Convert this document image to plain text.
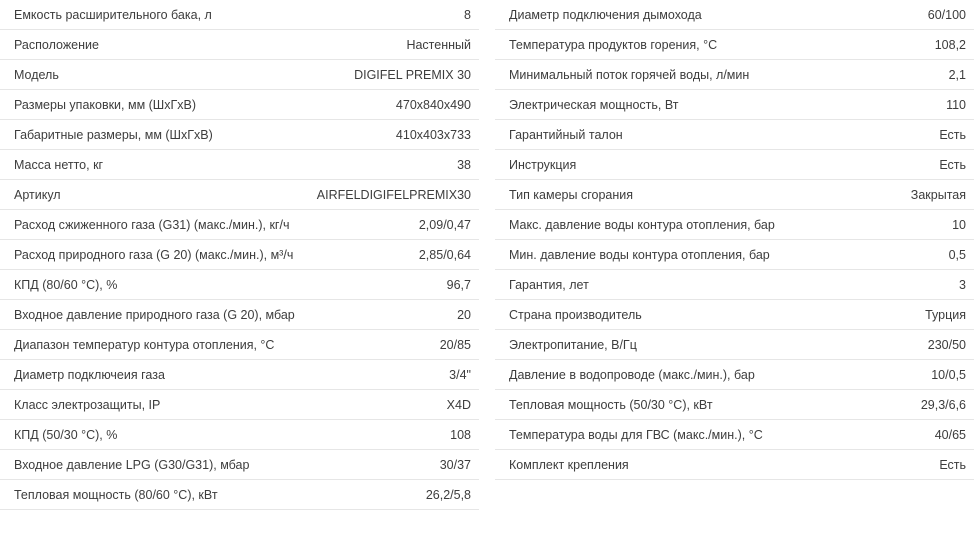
Емкость расширительного бака, л	8
Расположение	Настенный
Модель	DIGIFEL PREMIX 30
Размеры упаковки, мм (ШхГхВ)	470x840x490
Габаритные размеры, мм (ШхГхВ)	410x403x733
Масса нетто, кг	38
Артикул	AIRFELDIGIFELPREMIX30
Расход сжиженного газа (G31) (макс./мин.), кг/ч	2,09/0,47
Расход природного газа (G 20) (макс./мин.), м³/ч	2,85/0,64
КПД (80/60 °C), %	96,7
Входное давление природного газа (G 20), мбар	20
Диапазон температур контура отопления, °C	20/85
Диаметр подключеия газа	3/4"
Класс электрозащиты, IP	X4D
КПД (50/30 °C), %	108
Входное давление LPG (G30/G31), мбар	30/37
Тепловая мощность (80/60 °C), кВт	26,2/5,8
Диаметр подключения дымохода	60/100
Температура продуктов горения, °C	108,2
Минимальный поток горячей воды, л/мин	2,1
Электрическая мощность, Вт	110
Гарантийный талон	Есть
Инструкция	Есть
Тип камеры сгорания	Закрытая
Макс. давление воды контура отопления, бар	10
Мин. давление воды контура отопления, бар	0,5
Гарантия, лет	3
Страна производитель	Турция
Электропитание, В/Гц	230/50
Давление в водопроводе (макс./мин.), бар	10/0,5
Тепловая мощность (50/30 °C), кВт	29,3/6,6
Температура воды для ГВС (макс./мин.), °C	40/65
Комплект крепления	Есть
